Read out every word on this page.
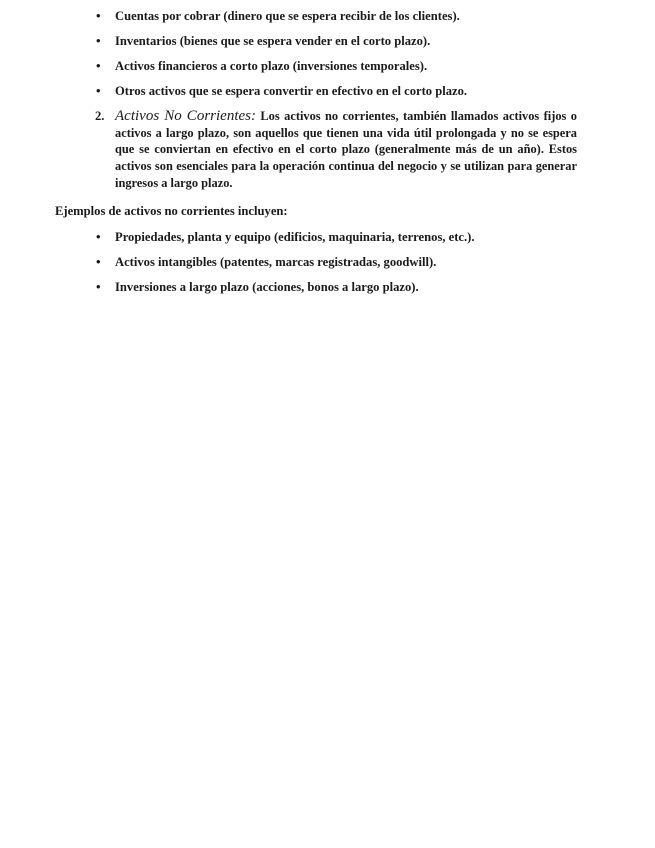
• Cuentas por cobrar (dinero que se espera recibir de los clientes).
• Inventarios (bienes que se espera vender en el corto plazo).
• Activos financieros a corto plazo (inversiones temporales).
• Otros activos que se espera convertir en efectivo en el corto plazo.
2. Activos No Corrientes: Los activos no corrientes, también llamados activos fijos o activos a largo plazo, son aquellos que tienen una vida útil prolongada y no se espera que se conviertan en efectivo en el corto plazo (generalmente más de un año). Estos activos son esenciales para la operación continua del negocio y se utilizan para generar ingresos a largo plazo.
Ejemplos de activos no corrientes incluyen:
• Propiedades, planta y equipo (edificios, maquinaria, terrenos, etc.).
• Activos intangibles (patentes, marcas registradas, goodwill).
• Inversiones a largo plazo (acciones, bonos a largo plazo).
